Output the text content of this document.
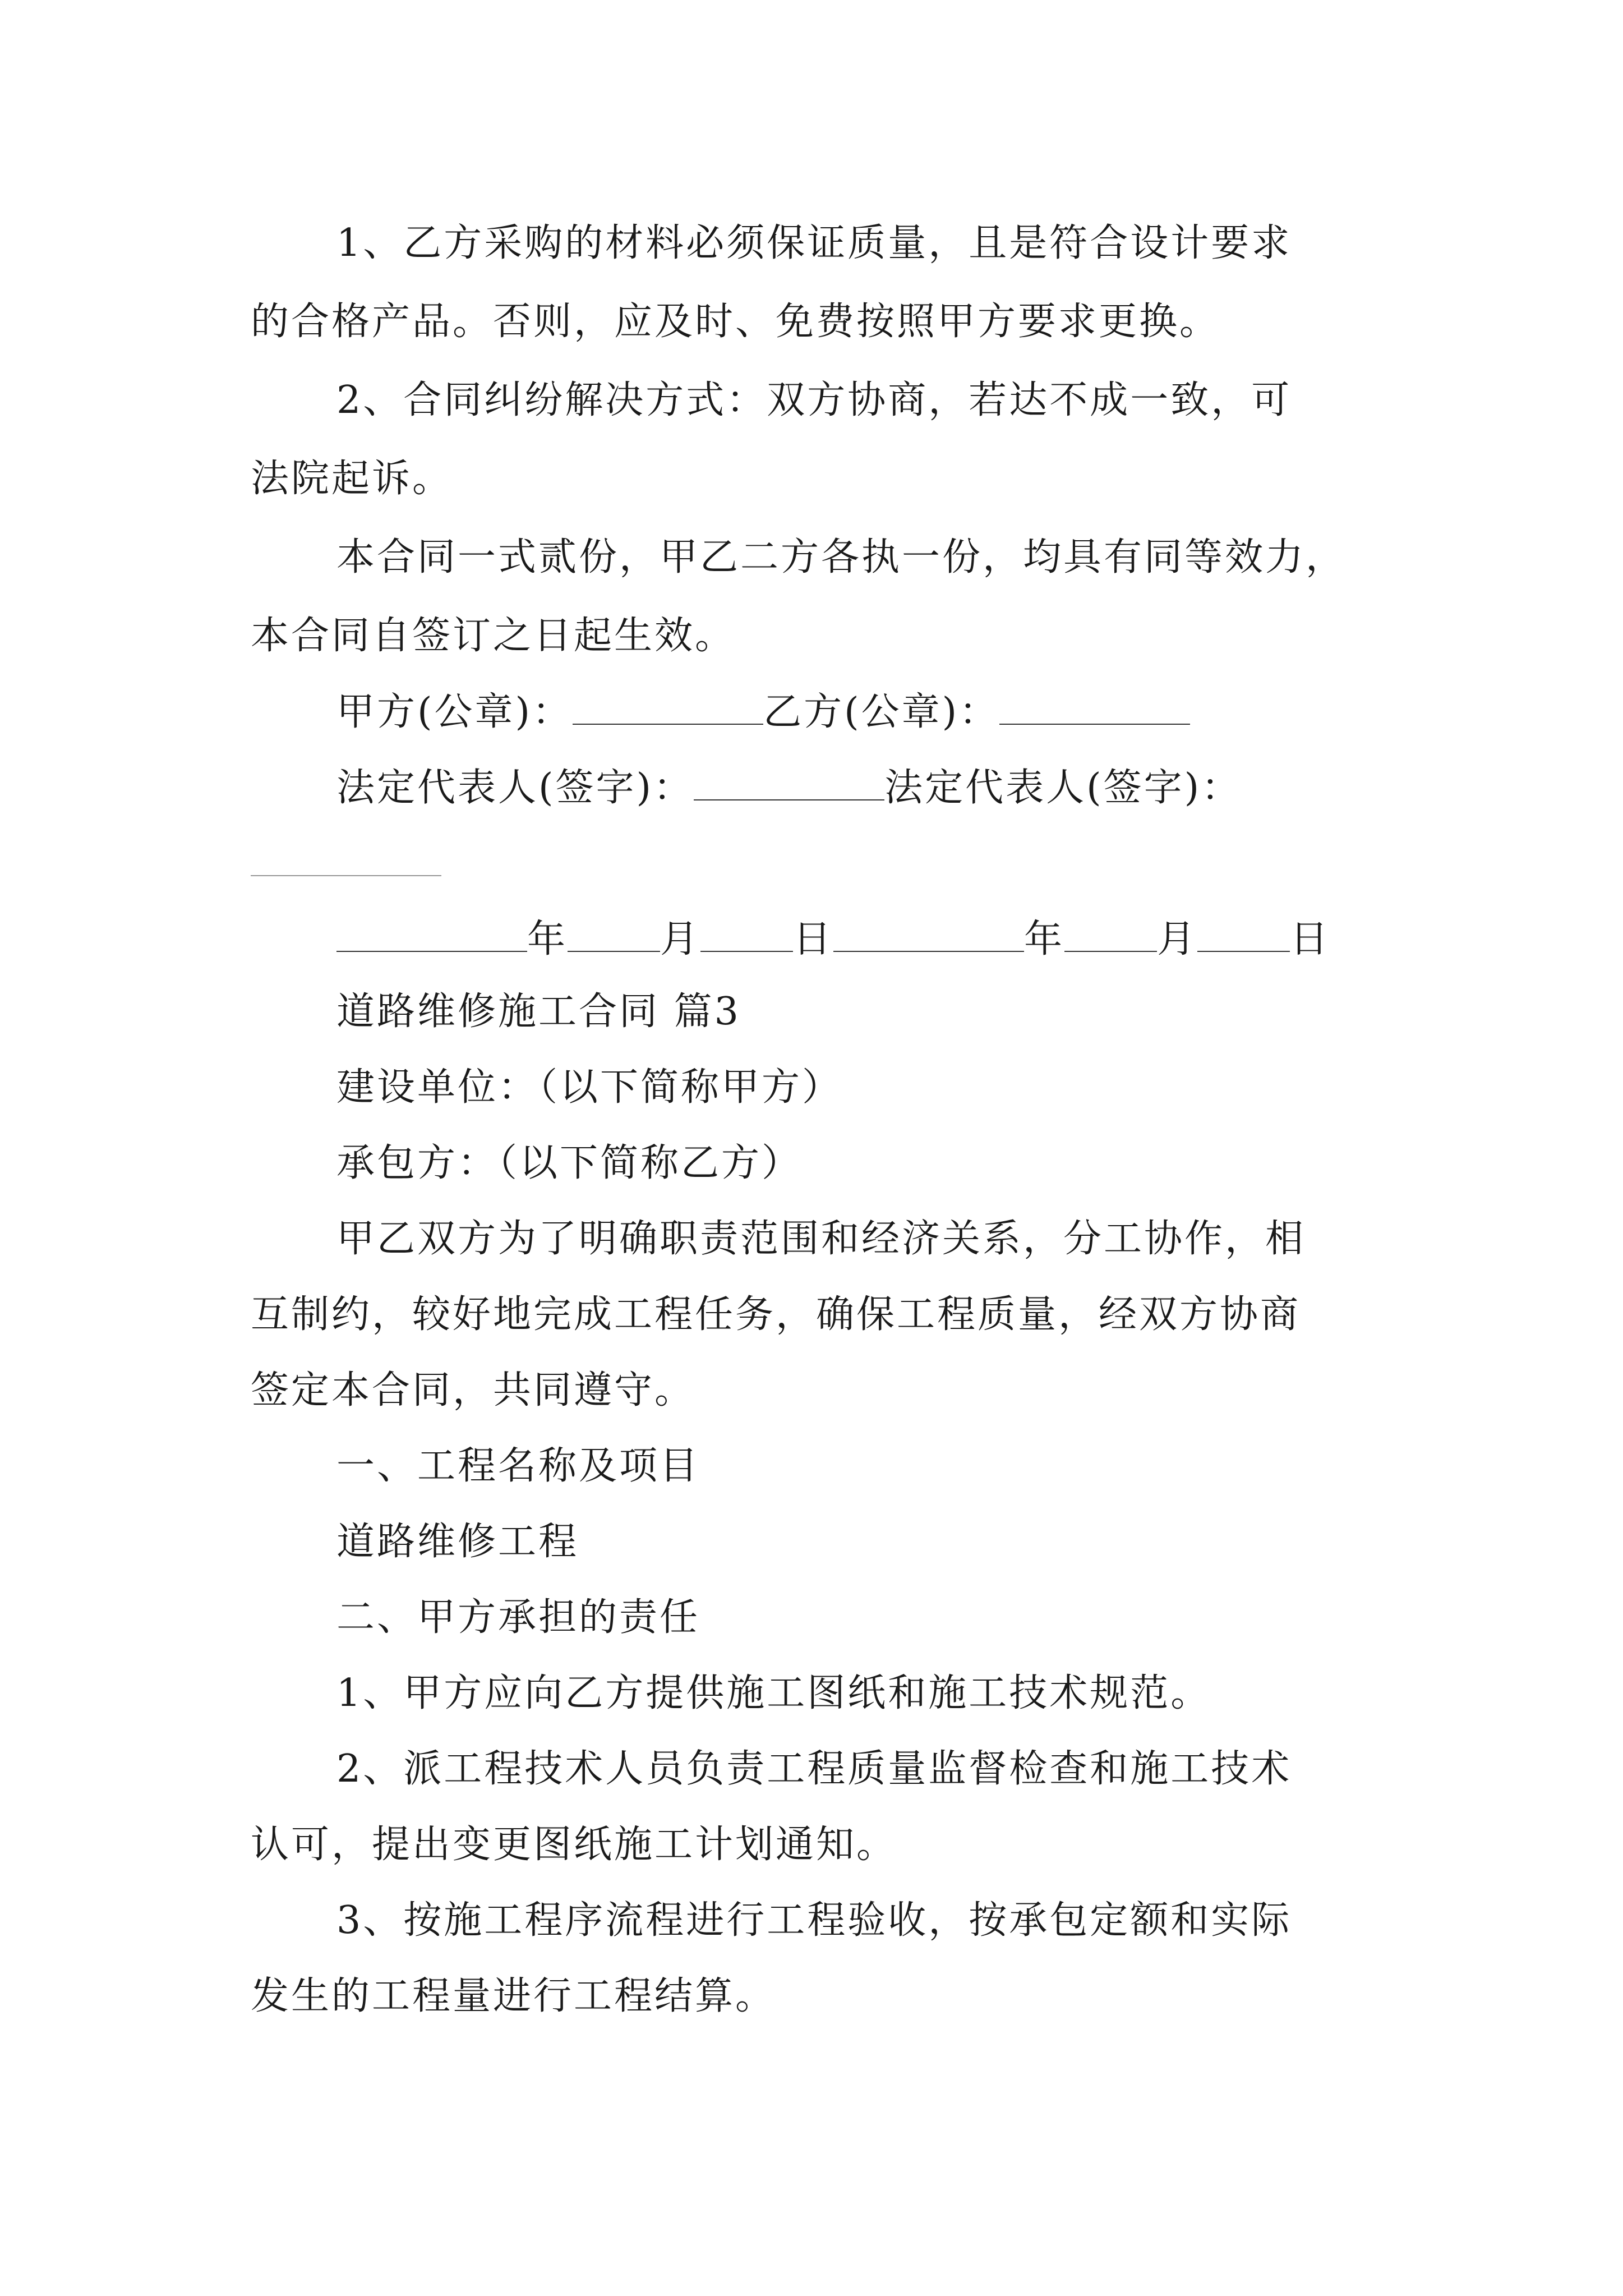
1、乙方采购的材料必须保证质量，且是符合设计要求
的合格产品。否则，应及时、免费按照甲方要求更换。
2、合同纠纷解决方式：双方协商，若达不成一致，可
法院起诉。
本合同一式贰份，甲乙二方各执一份，均具有同等效力，
本合同自签订之日起生效。
甲方(公章)：	乙方(公章)：
法定代表人(签字)：	法定代表人(签字)：
年 月 日	年 月 日
道路维修施工合同 篇3
建设单位：（以下简称甲方）
承包方：（以下简称乙方）
甲乙双方为了明确职责范围和经济关系，分工协作，相
互制约，较好地完成工程任务，确保工程质量，经双方协商
签定本合同，共同遵守。
一、工程名称及项目
道路维修工程
二、甲方承担的责任
1、甲方应向乙方提供施工图纸和施工技术规范。
2、派工程技术人员负责工程质量监督检查和施工技术
认可，提出变更图纸施工计划通知。
3、按施工程序流程进行工程验收，按承包定额和实际
发生的工程量进行工程结算。
